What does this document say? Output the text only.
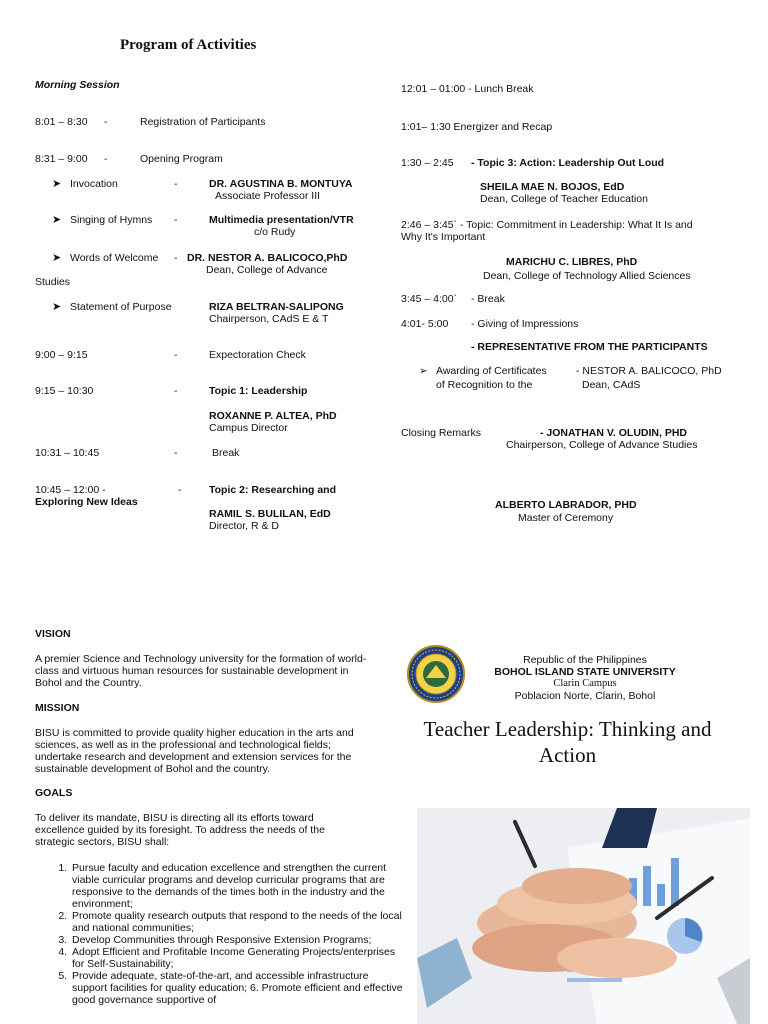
Program of Activities
Morning Session
8:01 – 8:30 -	Registration of Participants
8:31 – 9:00 -	Opening Program
➤ Invocation	-	DR. AGUSTINA B. MONTUYA
Associate Professor III
➤ Singing of Hymns -	Multimedia presentation/VTR
c/o Rudy
➤ Words of Welcome - DR. NESTOR A. BALICOCO,PhD
Dean, College of Advance
Studies
➤ Statement of Purpose	RIZA BELTRAN-SALIPONG
Chairperson, CAdS E & T
9:00 – 9:15	-	Expectoration Check
9:15 – 10:30	-	Topic 1: Leadership
ROXANNE P. ALTEA, PhD
Campus Director
10:31 – 10:45	-	Break
10:45 – 12:00 -	-	Topic 2: Researching and
Exploring New Ideas
RAMIL S. BULILAN, EdD
Director, R & D
12:01 – 01:00 - Lunch Break
1:01– 1:30 Energizer and Recap
1:30 – 2:45 - Topic 3: Action: Leadership Out Loud
SHEILA MAE N. BOJOS, EdD
Dean, College of Teacher Education
2:46 – 3:45` - Topic: Commitment in Leadership: What It Is and
Why It's Important
MARICHU C. LIBRES, PhD
Dean, College of Technology Allied Sciences
3:45 – 4:00` - Break
4:01- 5:00 - Giving of Impressions
- REPRESENTATIVE FROM THE PARTICIPANTS
➢ Awarding of Certificates
of Recognition to the
- NESTOR A. BALICOCO, PhD
Dean, CAdS
Closing Remarks	- JONATHAN V. OLUDIN, PHD
Chairperson, College of Advance Studies
ALBERTO LABRADOR, PHD
Master of Ceremony
VISION
A premier Science and Technology university for the formation of world-class and virtuous human resources for sustainable development in Bohol and the Country.
MISSION
BISU is committed to provide quality higher education in the arts and sciences, as well as in the professional and technological fields; undertake research and development and extension services for the sustainable development of Bohol and the country.
GOALS
To deliver its mandate, BISU is directing all its efforts toward excellence guided by its foresight. To address the needs of the strategic sectors, BISU shall:
1. Pursue faculty and education excellence and strengthen the current viable curricular programs and develop curricular programs that are responsive to the demands of the times both in the industry and the environment;
2. Promote quality research outputs that respond to the needs of the local and national communities;
3. Develop Communities through Responsive Extension Programs;
4. Adopt Efficient and Profitable Income Generating Projects/enterprises for Self-Sustainability;
5. Provide adequate, state-of-the-art, and accessible infrastructure support facilities for quality education; 6. Promote efficient and effective good governance supportive of
Republic of the Philippines
BOHOL ISLAND STATE UNIVERSITY
Clarin Campus
Poblacion Norte, Clarin, Bohol
Teacher Leadership: Thinking and
Action
